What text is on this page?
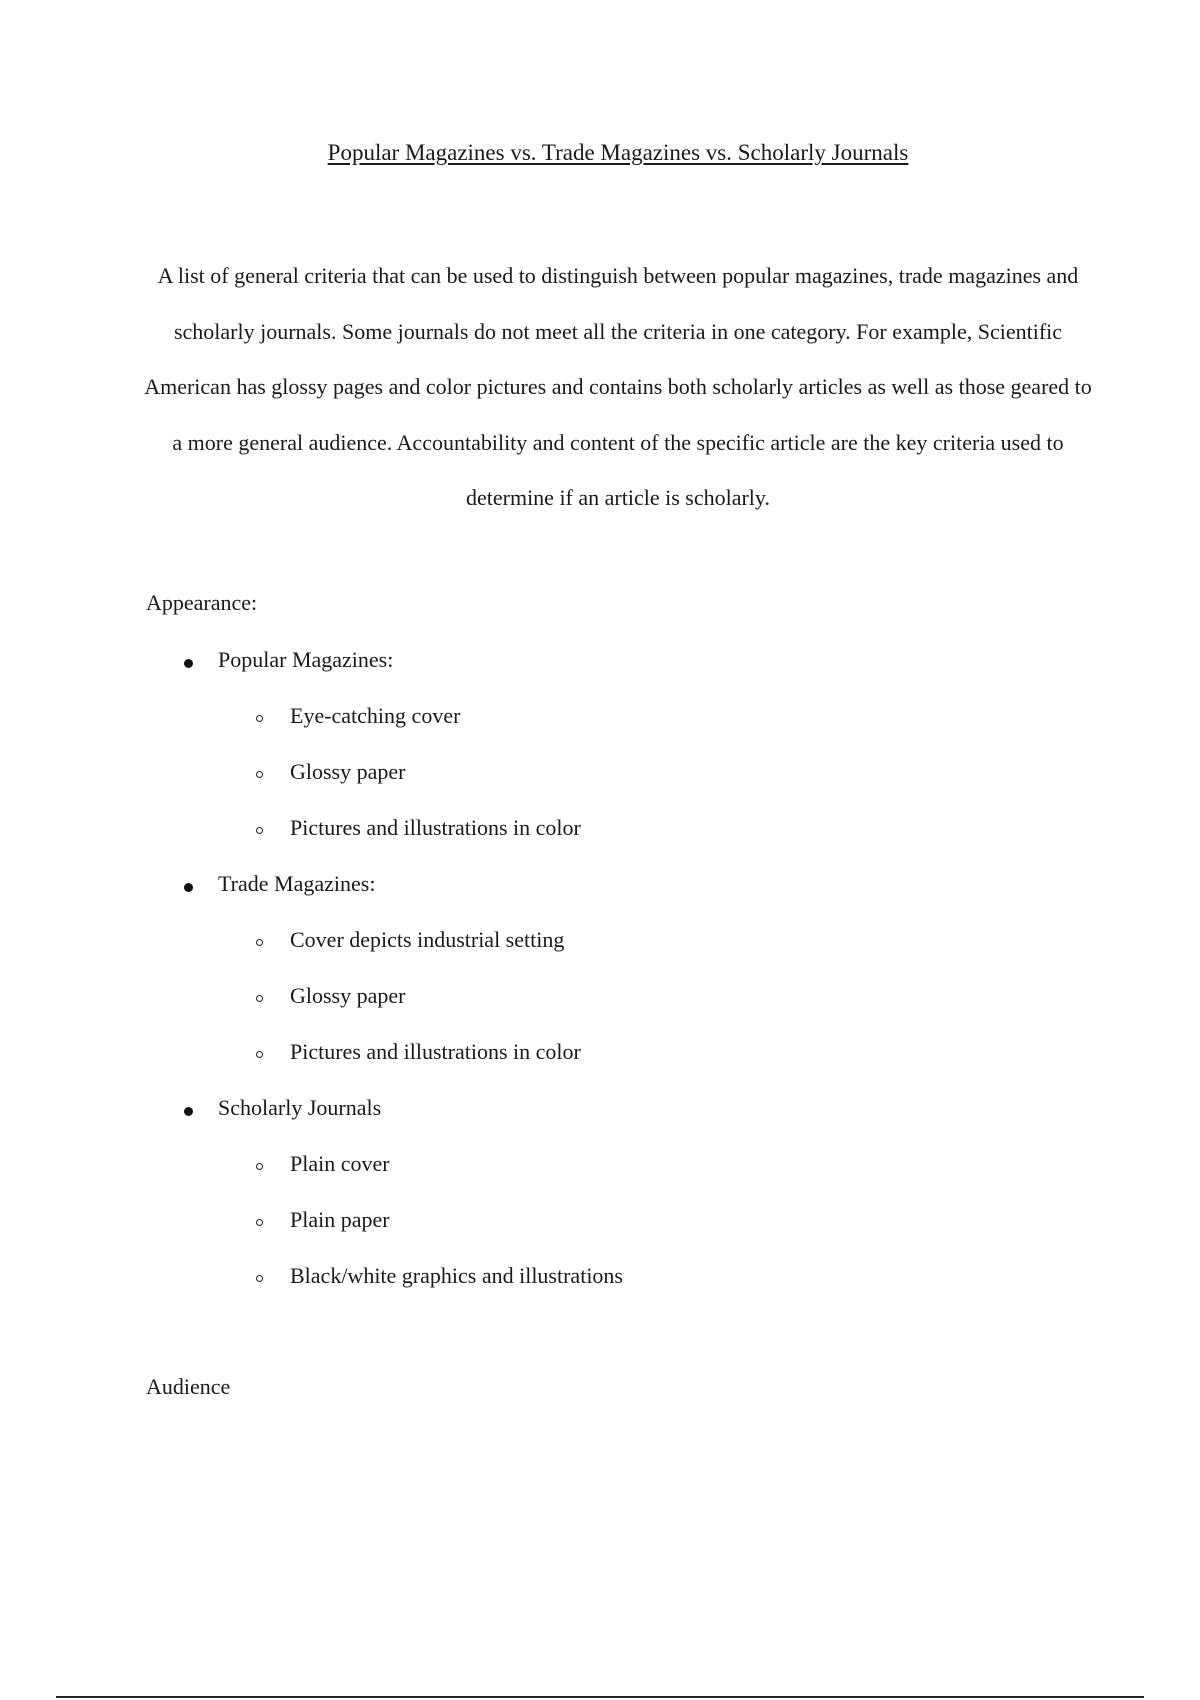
Popular Magazines vs. Trade Magazines vs. Scholarly Journals

A list of general criteria that can be used to distinguish between popular magazines, trade magazines and scholarly journals. Some journals do not meet all the criteria in one category. For example, Scientific American has glossy pages and color pictures and contains both scholarly articles as well as those geared to a more general audience. Accountability and content of the specific article are the key criteria used to determine if an article is scholarly.

Appearance:

Popular Magazines:
Eye-catching cover
Glossy paper
Pictures and illustrations in color
Trade Magazines:
Cover depicts industrial setting
Glossy paper
Pictures and illustrations in color
Scholarly Journals
Plain cover
Plain paper
Black/white graphics and illustrations

Audience
